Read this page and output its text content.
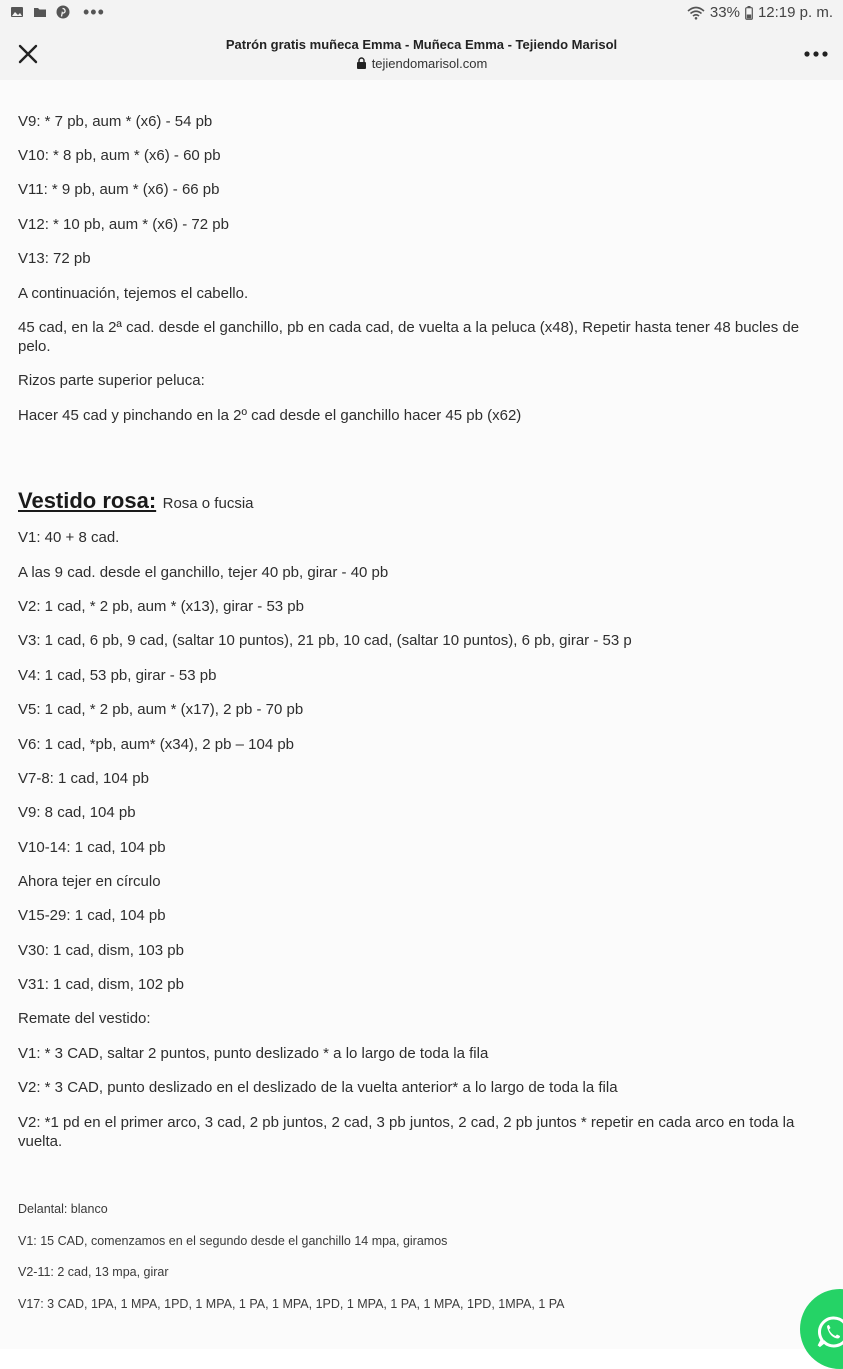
•••	33% 12:19 p. m.
Patrón gratis muñeca Emma - Muñeca Emma - Tejiendo Marisol
tejiendomarisol.com
V9: * 7 pb, aum * (x6) - 54 pb
V10: * 8 pb, aum * (x6) - 60 pb
V11: * 9 pb, aum * (x6) - 66 pb
V12: * 10 pb, aum * (x6) - 72 pb
V13: 72 pb
A continuación, tejemos el cabello.
45 cad, en la 2ª cad. desde el ganchillo, pb en cada cad, de vuelta a la peluca (x48), Repetir hasta tener 48 bucles de pelo.
Rizos parte superior peluca:
Hacer 45 cad y pinchando en la 2º cad desde el ganchillo hacer 45 pb (x62)
Vestido rosa: Rosa o fucsia
V1: 40 + 8 cad.
A las 9 cad. desde el ganchillo, tejer 40 pb, girar - 40 pb
V2: 1 cad, * 2 pb, aum * (x13), girar - 53 pb
V3: 1 cad, 6 pb, 9 cad, (saltar 10 puntos), 21 pb, 10 cad, (saltar 10 puntos), 6 pb, girar - 53 p
V4: 1 cad, 53 pb, girar - 53 pb
V5: 1 cad, * 2 pb, aum * (x17), 2 pb - 70 pb
V6: 1 cad, *pb, aum* (x34), 2 pb – 104 pb
V7-8: 1 cad, 104 pb
V9: 8 cad, 104 pb
V10-14: 1 cad, 104 pb
Ahora tejer en círculo
V15-29: 1 cad, 104 pb
V30: 1 cad, dism, 103 pb
V31: 1 cad, dism, 102 pb
Remate del vestido:
V1: * 3 CAD, saltar 2 puntos, punto deslizado * a lo largo de toda la fila
V2: * 3 CAD, punto deslizado en el deslizado de la vuelta anterior* a lo largo de toda la fila
V2: *1 pd en el primer arco, 3 cad, 2 pb juntos, 2 cad, 3 pb juntos, 2 cad, 2 pb juntos * repetir en cada arco en toda la vuelta.
Delantal: blanco
V1: 15 CAD, comenzamos en el segundo desde el ganchillo 14 mpa, giramos
V2-11: 2 cad, 13 mpa, girar
V17: 3 CAD, 1PA, 1 MPA, 1PD, 1 MPA, 1 PA, 1 MPA, 1PD, 1 MPA, 1 PA, 1 MPA, 1PD, 1MPA, 1 PA
